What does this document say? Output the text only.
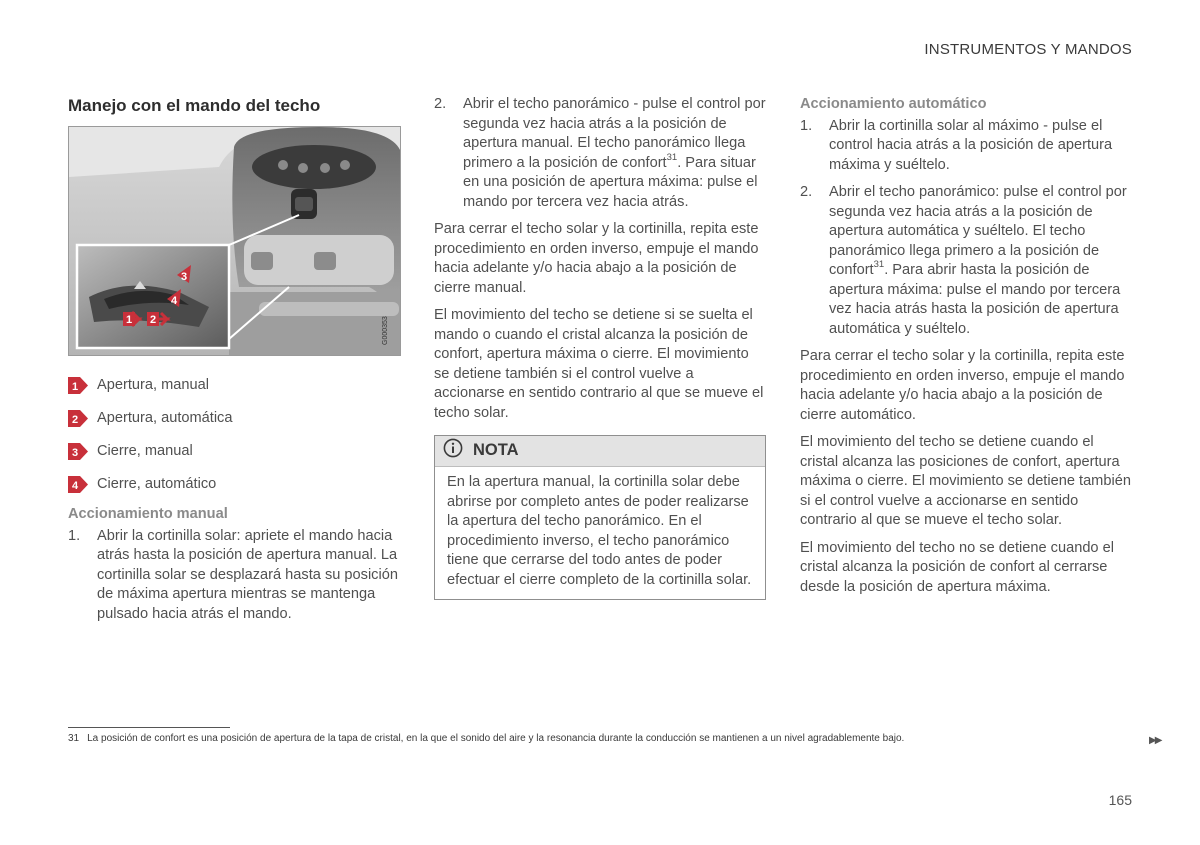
INSTRUMENTOS Y MANDOS
Manejo con el mando del techo
3
4
1 2	G000353
1 Apertura, manual
2 Apertura, automática
3 Cierre, manual
4 Cierre, automático
Accionamiento manual
1.	Abrir la cortinilla solar: apriete el mando hacia atrás hasta la posición de apertura manual. La cortinilla solar se desplazará hasta su posición de máxima apertura mientras se mantenga pulsado hacia atrás el mando.
2.	Abrir el techo panorámico - pulse el control por segunda vez hacia atrás a la posición de apertura manual. El techo panorámico llega primero a la posición de confort$^{31}$. Para situar en una posición de apertura máxima: pulse el mando por tercera vez hacia atrás.

Para cerrar el techo solar y la cortinilla, repita este procedimiento en orden inverso, empuje el mando hacia adelante y/o hacia abajo a la posición de cierre manual.

El movimiento del techo se detiene si se suelta el mando o cuando el cristal alcanza la posición de confort, apertura máxima o cierre. El movimiento se detiene también si el control vuelve a accionarse en sentido contrario al que se mueve el techo solar.

NOTA
En la apertura manual, la cortinilla solar debe abrirse por completo antes de poder realizarse la apertura del techo panorámico. En el procedimiento inverso, el techo panorámico tiene que cerrarse del todo antes de poder efectuar el cierre completo de la cortinilla solar.
Accionamiento automático
1.	Abrir la cortinilla solar al máximo - pulse el control hacia atrás a la posición de apertura máxima y suéltelo.
2.	Abrir el techo panorámico: pulse el control por segunda vez hacia atrás a la posición de apertura automática y suéltelo. El techo panorámico llega primero a la posición de confort$^{31}$. Para abrir hasta la posición de apertura máxima: pulse el mando por tercera vez hacia atrás hasta la posición de apertura automática y suéltelo.

Para cerrar el techo solar y la cortinilla, repita este procedimiento en orden inverso, empuje el mando hacia adelante y/o hacia abajo a la posición de cierre automático.

El movimiento del techo se detiene cuando el cristal alcanza las posiciones de confort, apertura máxima o cierre. El movimiento se detiene también si el control vuelve a accionarse en sentido contrario al que se mueve el techo solar.

El movimiento del techo no se detiene cuando el cristal alcanza la posición de confort al cerrarse desde la posición de apertura máxima.

31 La posición de confort es una posición de apertura de la tapa de cristal, en la que el sonido del aire y la resonancia durante la conducción se mantienen a un nivel agradablemente bajo.	▶▶
165
